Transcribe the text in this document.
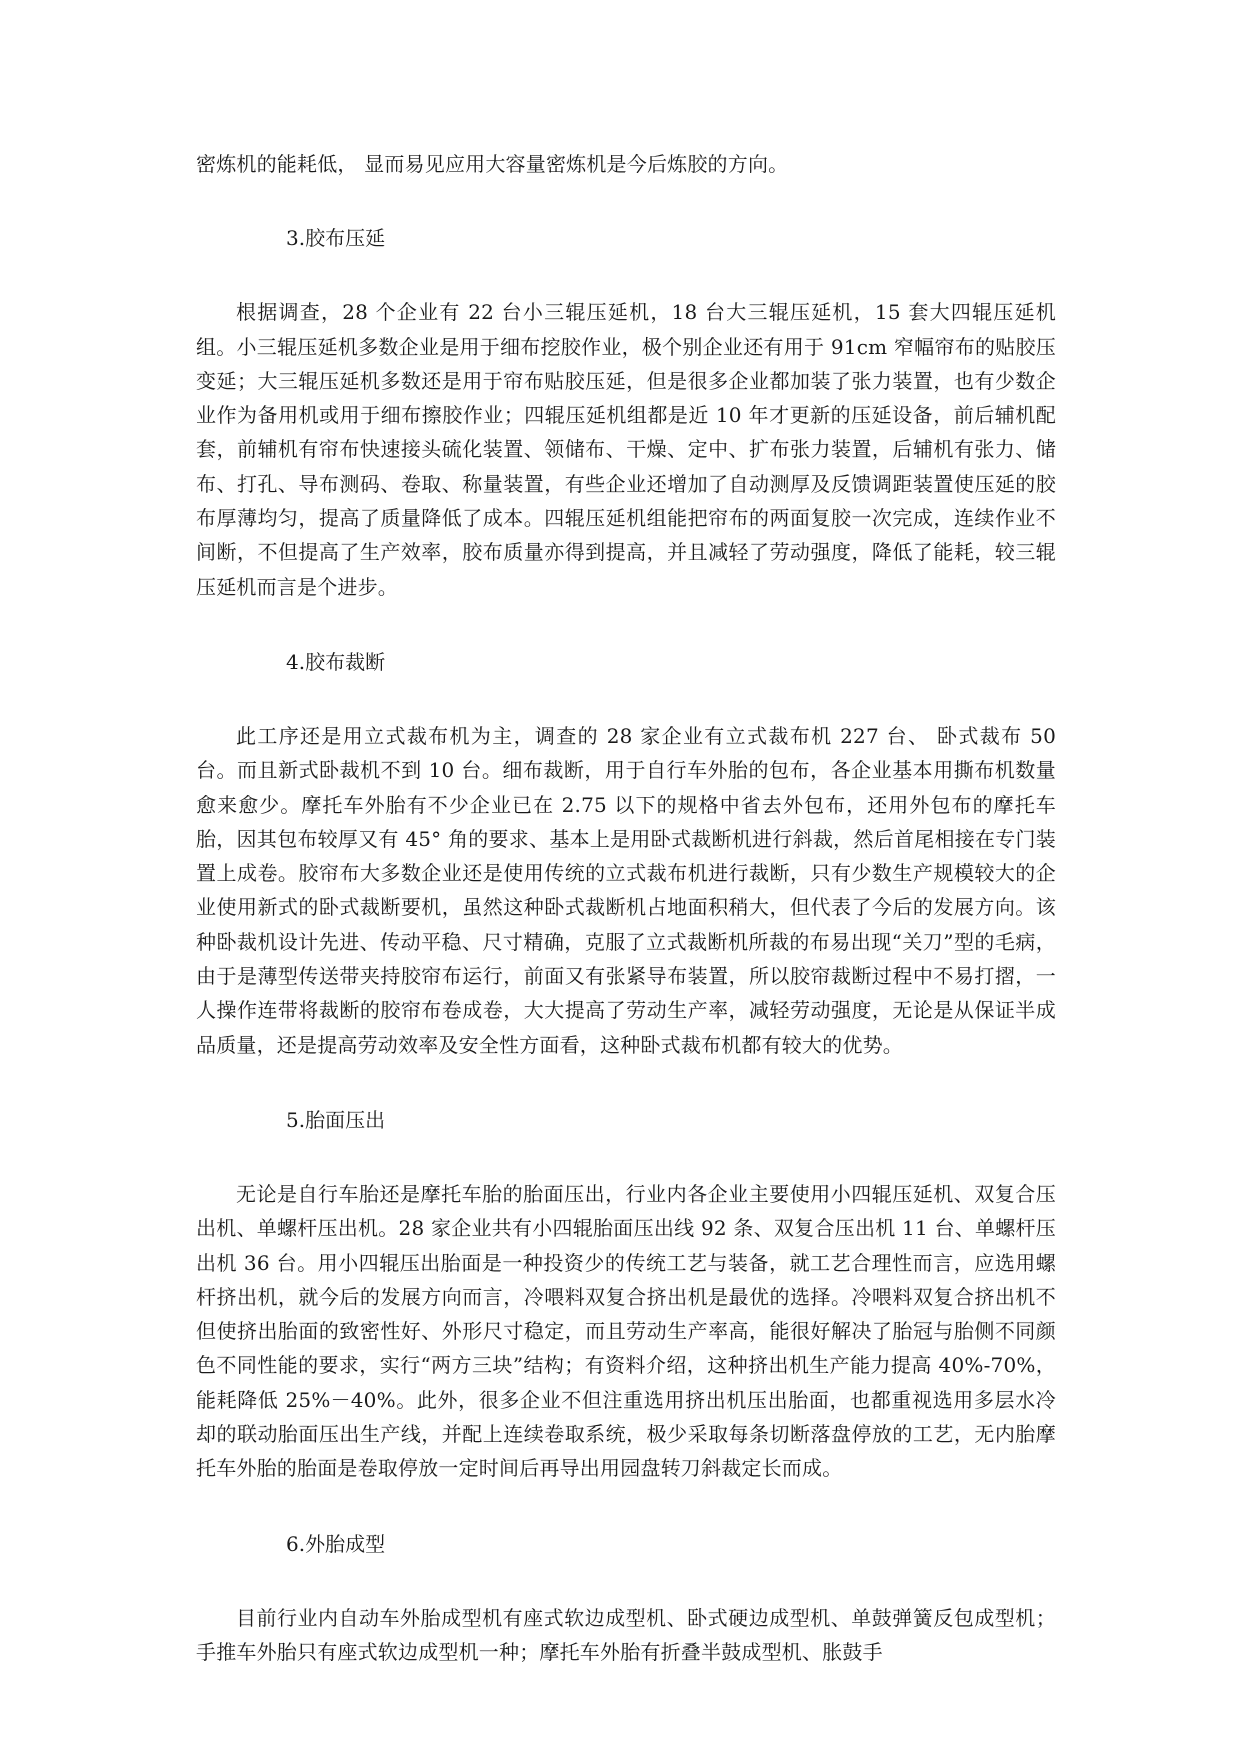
密炼机的能耗低， 显而易见应用大容量密炼机是今后炼胶的方向。

3.胶布压延

根据调查，28 个企业有 22 台小三辊压延机，18 台大三辊压延机，15 套大四辊压延机组。小三辊压延机多数企业是用于细布挖胶作业，极个别企业还有用于 91cm 窄幅帘布的贴胶压变延；大三辊压延机多数还是用于帘布贴胶压延，但是很多企业都加装了张力装置，也有少数企业作为备用机或用于细布擦胶作业；四辊压延机组都是近 10 年才更新的压延设备，前后辅机配套，前辅机有帘布快速接头硫化装置、领储布、干燥、定中、扩布张力装置，后辅机有张力、储布、打孔、导布测码、卷取、称量装置，有些企业还增加了自动测厚及反馈调距装置使压延的胶布厚薄均匀，提高了质量降低了成本。四辊压延机组能把帘布的两面复胶一次完成，连续作业不间断，不但提高了生产效率，胶布质量亦得到提高，并且减轻了劳动强度，降低了能耗，较三辊压延机而言是个进步。

4.胶布裁断

此工序还是用立式裁布机为主，调查的 28 家企业有立式裁布机 227 台、 卧式裁布 50 台。而且新式卧裁机不到 10 台。细布裁断，用于自行车外胎的包布，各企业基本用撕布机数量愈来愈少。摩托车外胎有不少企业已在 2.75 以下的规格中省去外包布，还用外包布的摩托车胎，因其包布较厚又有 45° 角的要求、基本上是用卧式裁断机进行斜裁，然后首尾相接在专门装置上成卷。胶帘布大多数企业还是使用传统的立式裁布机进行裁断，只有少数生产规模较大的企业使用新式的卧式裁断要机，虽然这种卧式裁断机占地面积稍大，但代表了今后的发展方向。该种卧裁机设计先进、传动平稳、尺寸精确，克服了立式裁断机所裁的布易出现“关刀”型的毛病，由于是薄型传送带夹持胶帘布运行，前面又有张紧导布装置，所以胶帘裁断过程中不易打摺，一人操作连带将裁断的胶帘布卷成卷，大大提高了劳动生产率，减轻劳动强度，无论是从保证半成品质量，还是提高劳动效率及安全性方面看，这种卧式裁布机都有较大的优势。

5.胎面压出

无论是自行车胎还是摩托车胎的胎面压出，行业内各企业主要使用小四辊压延机、双复合压出机、单螺杆压出机。28 家企业共有小四辊胎面压出线 92 条、双复合压出机 11 台、单螺杆压出机 36 台。用小四辊压出胎面是一种投资少的传统工艺与装备，就工艺合理性而言，应选用螺杆挤出机，就今后的发展方向而言，冷喂料双复合挤出机是最优的选择。冷喂料双复合挤出机不但使挤出胎面的致密性好、外形尺寸稳定，而且劳动生产率高，能很好解决了胎冠与胎侧不同颜色不同性能的要求，实行“两方三块”结构；有资料介绍，这种挤出机生产能力提高 40%-70%， 能耗降低 25%－40%。此外，很多企业不但注重选用挤出机压出胎面，也都重视选用多层水冷却的联动胎面压出生产线，并配上连续卷取系统，极少采取每条切断落盘停放的工艺，无内胎摩托车外胎的胎面是卷取停放一定时间后再导出用园盘转刀斜裁定长而成。

6.外胎成型

目前行业内自动车外胎成型机有座式软边成型机、卧式硬边成型机、单鼓弹簧反包成型机；手推车外胎只有座式软边成型机一种；摩托车外胎有折叠半鼓成型机、胀鼓手
